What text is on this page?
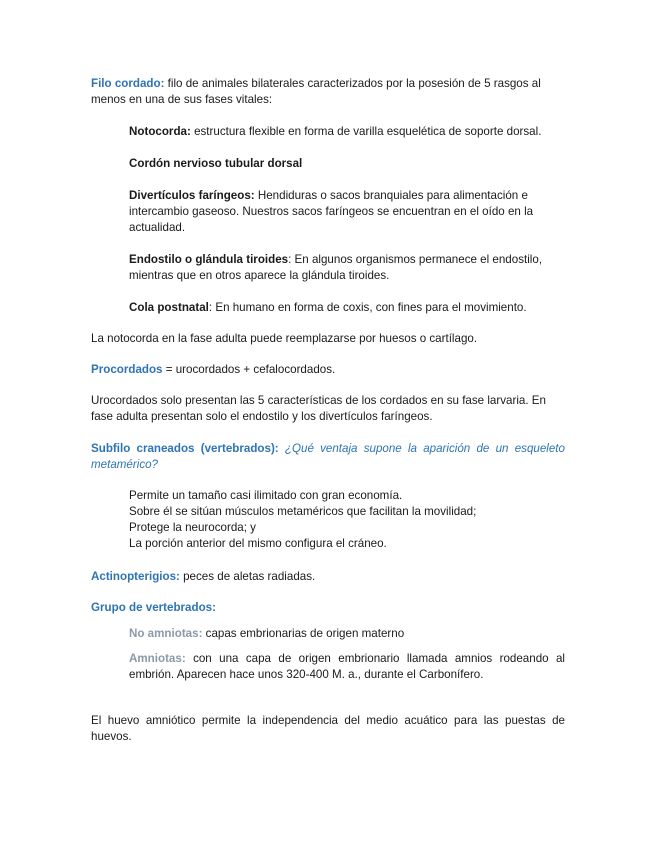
Filo cordado: filo de animales bilaterales caracterizados por la posesión de 5 rasgos al menos en una de sus fases vitales:

Notocorda: estructura flexible en forma de varilla esquelética de soporte dorsal.

Cordón nervioso tubular dorsal

Divertículos faríngeos: Hendiduras o sacos branquiales para alimentación e intercambio gaseoso. Nuestros sacos faríngeos se encuentran en el oído en la actualidad.

Endostilo o glándula tiroides: En algunos organismos permanece el endostilo, mientras que en otros aparece la glándula tiroides.

Cola postnatal: En humano en forma de coxis, con fines para el movimiento.

La notocorda en la fase adulta puede reemplazarse por huesos o cartílago.

Procordados = urocordados + cefalocordados.

Urocordados solo presentan las 5 características de los cordados en su fase larvaria. En fase adulta presentan solo el endostilo y los divertículos faríngeos.

Subfilo craneados (vertebrados): ¿Qué ventaja supone la aparición de un esqueleto metamérico?

Permite un tamaño casi ilimitado con gran economía.
Sobre él se sitúan músculos metaméricos que facilitan la movilidad;
Protege la neurocorda; y
La porción anterior del mismo configura el cráneo.

Actinopterigios: peces de aletas radiadas.

Grupo de vertebrados:

No amniotas: capas embrionarias de origen materno

Amniotas: con una capa de origen embrionario llamada amnios rodeando al embrión. Aparecen hace unos 320-400 M. a., durante el Carbonífero.

El huevo amniótico permite la independencia del medio acuático para las puestas de huevos.
